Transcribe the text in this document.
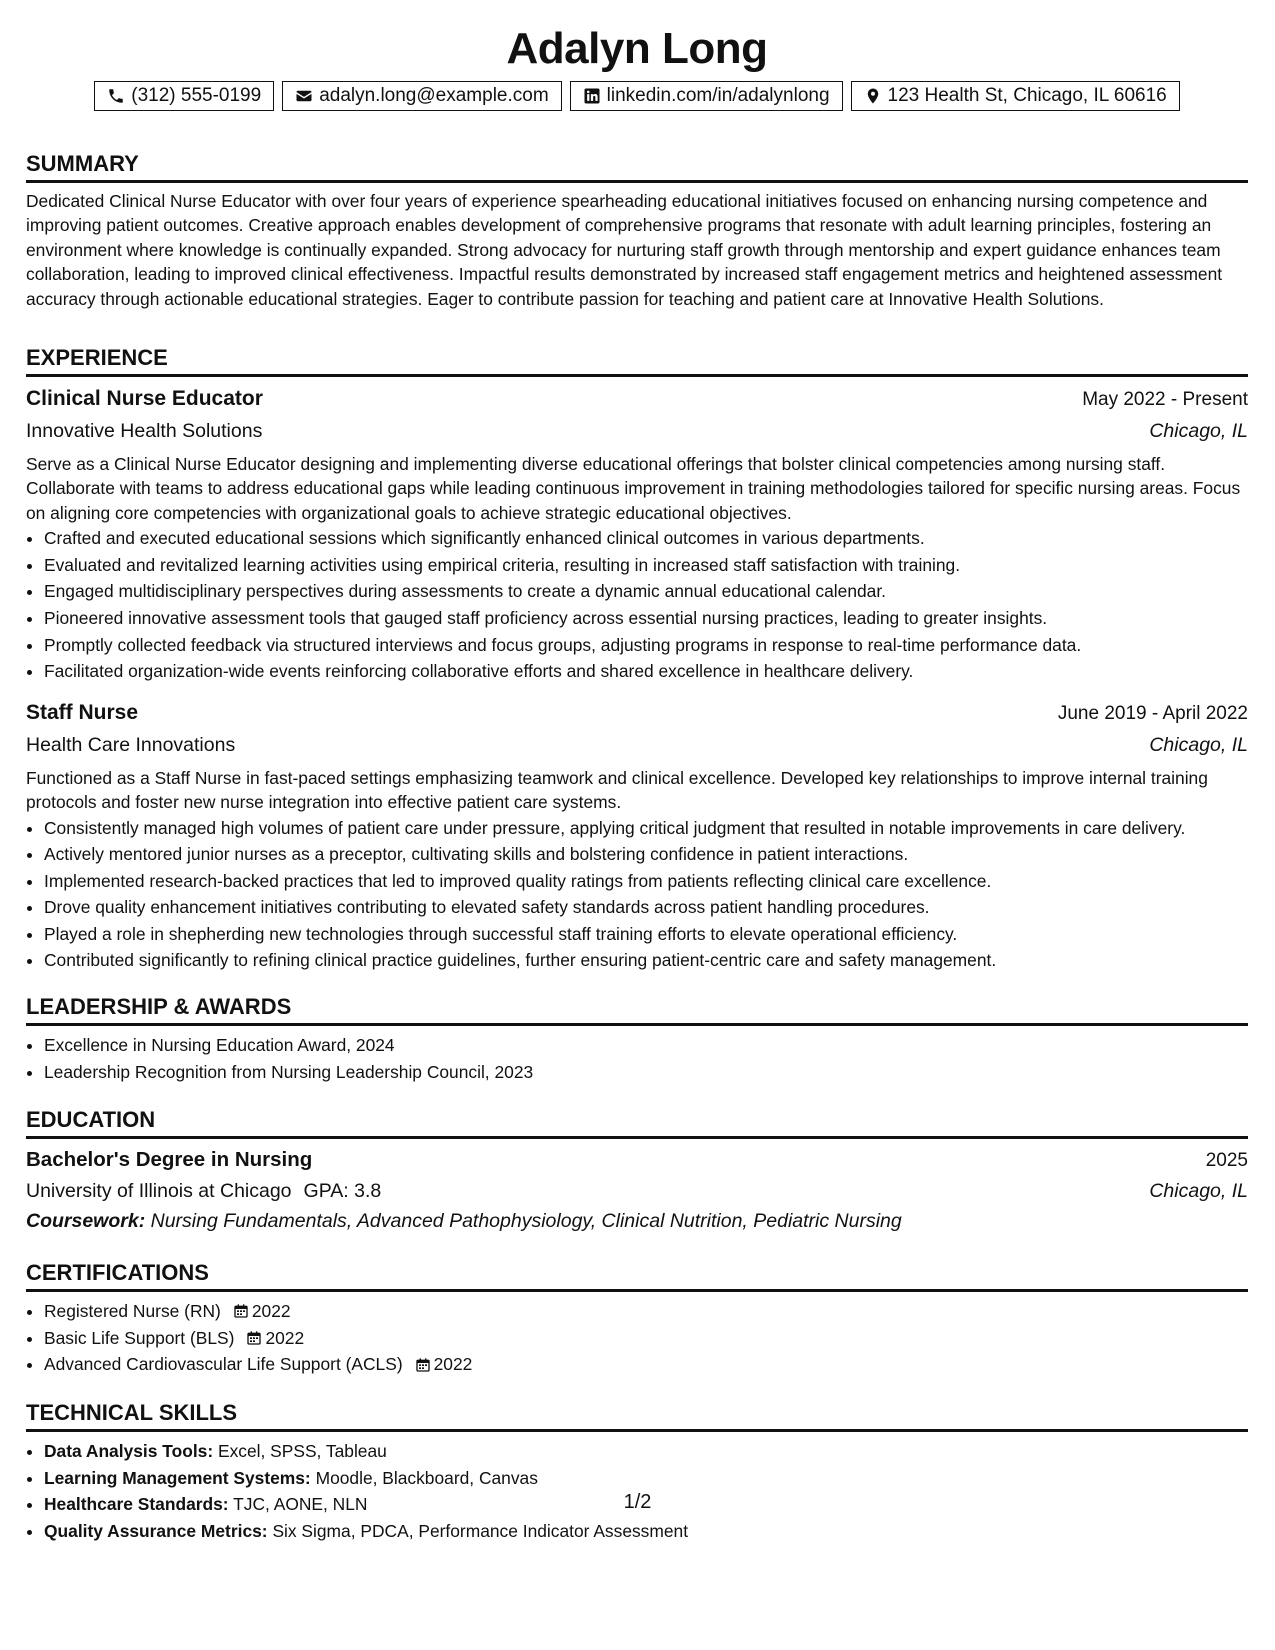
Adalyn Long
(312) 555-0199	adalyn.long@example.com	linkedin.com/in/adalynlong	123 Health St, Chicago, IL 60616
SUMMARY

Dedicated Clinical Nurse Educator with over four years of experience spearheading educational initiatives focused on enhancing nursing competence and improving patient outcomes. Creative approach enables development of comprehensive programs that resonate with adult learning principles, fostering an environment where knowledge is continually expanded. Strong advocacy for nurturing staff growth through mentorship and expert guidance enhances team collaboration, leading to improved clinical effectiveness. Impactful results demonstrated by increased staff engagement metrics and heightened assessment accuracy through actionable educational strategies. Eager to contribute passion for teaching and patient care at Innovative Health Solutions.

EXPERIENCE
Clinical Nurse Educator	May 2022 - Present
Innovative Health Solutions	Chicago, IL

Serve as a Clinical Nurse Educator designing and implementing diverse educational offerings that bolster clinical competencies among nursing staff. Collaborate with teams to address educational gaps while leading continuous improvement in training methodologies tailored for specific nursing areas. Focus on aligning core competencies with organizational goals to achieve strategic educational objectives.

• Crafted and executed educational sessions which significantly enhanced clinical outcomes in various departments.
• Evaluated and revitalized learning activities using empirical criteria, resulting in increased staff satisfaction with training.
• Engaged multidisciplinary perspectives during assessments to create a dynamic annual educational calendar.
• Pioneered innovative assessment tools that gauged staff proficiency across essential nursing practices, leading to greater insights.
• Promptly collected feedback via structured interviews and focus groups, adjusting programs in response to real-time performance data.
• Facilitated organization-wide events reinforcing collaborative efforts and shared excellence in healthcare delivery.
Staff Nurse	June 2019 - April 2022
Health Care Innovations	Chicago, IL

Functioned as a Staff Nurse in fast-paced settings emphasizing teamwork and clinical excellence. Developed key relationships to improve internal training protocols and foster new nurse integration into effective patient care systems.

• Consistently managed high volumes of patient care under pressure, applying critical judgment that resulted in notable improvements in care delivery.
• Actively mentored junior nurses as a preceptor, cultivating skills and bolstering confidence in patient interactions.
• Implemented research-backed practices that led to improved quality ratings from patients reflecting clinical care excellence.
• Drove quality enhancement initiatives contributing to elevated safety standards across patient handling procedures.
• Played a role in shepherding new technologies through successful staff training efforts to elevate operational efficiency.
• Contributed significantly to refining clinical practice guidelines, further ensuring patient-centric care and safety management.
LEADERSHIP & AWARDS
• Excellence in Nursing Education Award, 2024
• Leadership Recognition from Nursing Leadership Council, 2023
EDUCATION
Bachelor's Degree in Nursing	2025
University of Illinois at Chicago GPA: 3.8	Chicago, IL
Coursework: Nursing Fundamentals, Advanced Pathophysiology, Clinical Nutrition, Pediatric Nursing
CERTIFICATIONS
• Registered Nurse (RN) 2022
• Basic Life Support (BLS) 2022
• Advanced Cardiovascular Life Support (ACLS) 2022
TECHNICAL SKILLS
• Data Analysis Tools: Excel, SPSS, Tableau
• Learning Management Systems: Moodle, Blackboard, Canvas
• Healthcare Standards: TJC, AONE, NLN
• Quality Assurance Metrics: Six Sigma, PDCA, Performance Indicator Assessment
1/2
